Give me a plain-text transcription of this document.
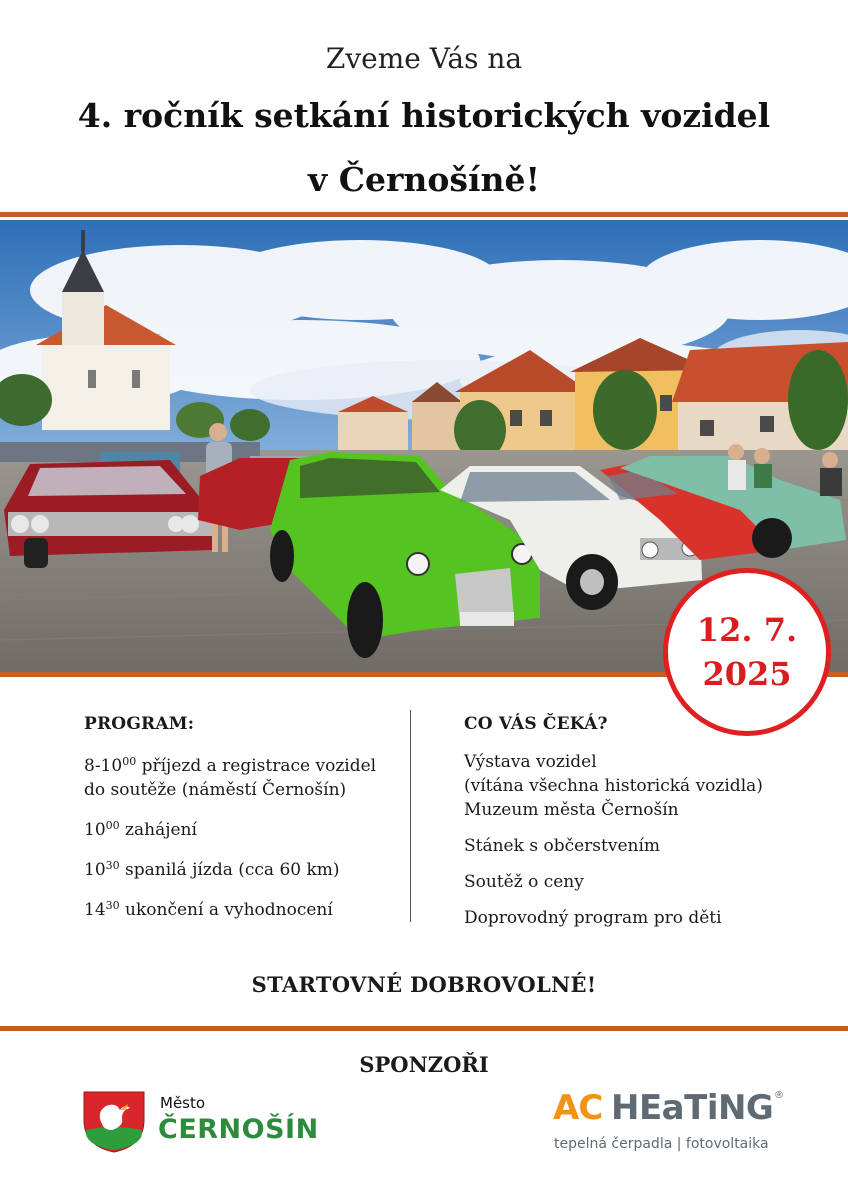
Zveme Vás na
4. ročník setkání historických vozidel
v Černošíně!
12. 7.
2025
PROGRAM:
$8-10^{00}$ příjezd a registrace vozidel
do soutěže (náměstí Černošín)
$10^{00}$ zahájení
$10^{30}$ spanilá jízda (cca 60 km)
$14^{30}$ ukončení a vyhodnocení
CO VÁS ČEKÁ?
Výstava vozidel
(vítána všechna historická vozidla)
Muzeum města Černošín
Stánek s občerstvením
Soutěž o ceny
Doprovodný program pro děti
STARTOVNÉ DOBROVOLNÉ!
SPONZOŘI
Město
ČERNOŠÍN
AC HEaTiNG ®
tepelná čerpadla | fotovoltaika
